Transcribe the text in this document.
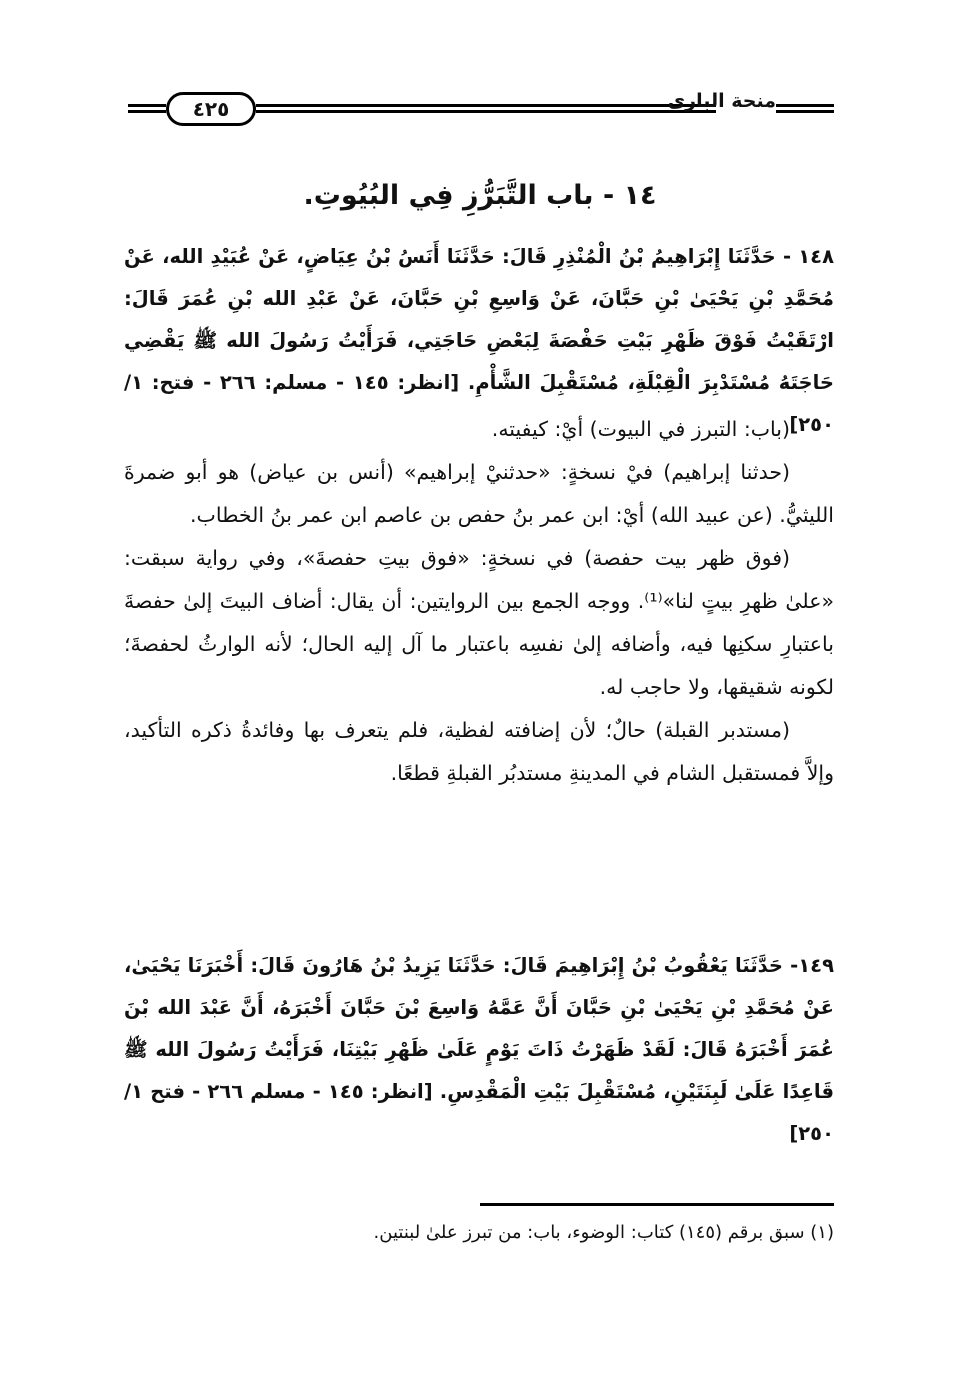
٤٢٥	منحة الباري
١٤ - باب التَّبَرُّزِ فِي البُيُوتِ.
١٤٨ - حَدَّثَنَا إِبْرَاهِيمُ بْنُ الْمُنْذِرِ قَالَ: حَدَّثَنَا أَنَسُ بْنُ عِيَاضٍ، عَنْ عُبَيْدِ الله، عَنْ مُحَمَّدِ بْنِ يَحْيَىٰ بْنِ حَبَّانَ، عَنْ وَاسِعِ بْنِ حَبَّانَ، عَنْ عَبْدِ الله بْنِ عُمَرَ قَالَ: ارْتَقَيْتُ فَوْقَ ظَهْرِ بَيْتِ حَفْصَةَ لِبَعْضِ حَاجَتِي، فَرَأَيْتُ رَسُولَ الله ﷺ يَقْضِي حَاجَتَهُ مُسْتَدْبِرَ الْقِبْلَةِ، مُسْتَقْبِلَ الشَّأْمِ. [انظر: ١٤٥ - مسلم: ٢٦٦ - فتح: ١/ ٢٥٠]

(باب: التبرز في البيوت) أيْ: كيفيته.

(حدثنا إبراهيم) فيْ نسخةٍ: «حدثنيْ إبراهيم» (أنس بن عياض) هو أبو ضمرةَ الليثيُّ. (عن عبيد الله) أيْ: ابن عمر بنُ حفص بن عاصم ابن عمر بنُ الخطاب.

(فوق ظهر بيت حفصة) في نسخةٍ: «فوق بيتِ حفصةَ»، وفي رواية سبقت: «علىٰ ظهرِ بيتٍ لنا»⁽¹⁾. ووجه الجمع بين الروايتين: أن يقال: أضاف البيتَ إلىٰ حفصةَ باعتبارِ سكنِها فيه، وأضافه إلىٰ نفسِه باعتبار ما آل إليه الحال؛ لأنه الوارثُ لحفصةَ؛ لكونه شقيقها، ولا حاجب له.

(مستدبر القبلة) حالٌ؛ لأن إضافته لفظية، فلم يتعرف بها وفائدةُ ذكره التأكيد، وإلاَّ فمستقبل الشام في المدينةِ مستدبُر القبلةِ قطعًا.

١٤٩- حَدَّثَنَا يَعْقُوبُ بْنُ إِبْرَاهِيمَ قَالَ: حَدَّثَنَا يَزِيدُ بْنُ هَارُونَ قَالَ: أَخْبَرَنَا يَحْيَىٰ، عَنْ مُحَمَّدِ بْنِ يَحْيَىٰ بْنِ حَبَّانَ أَنَّ عَمَّهُ وَاسِعَ بْنَ حَبَّانَ أَخْبَرَهُ، أَنَّ عَبْدَ الله بْنَ عُمَرَ أَخْبَرَهُ قَالَ: لَقَدْ ظَهَرْتُ ذَاتَ يَوْمٍ عَلَىٰ ظَهْرِ بَيْتِنَا، فَرَأَيْتُ رَسُولَ الله ﷺ قَاعِدًا عَلَىٰ لَبِنَتَيْنِ، مُسْتَقْبِلَ بَيْتِ الْمَقْدِسِ. [انظر: ١٤٥ - مسلم ٢٦٦ - فتح ١/ ٢٥٠]
(١) سبق برقم (١٤٥) كتاب: الوضوء، باب: من تبرز علىٰ لبنتين.
